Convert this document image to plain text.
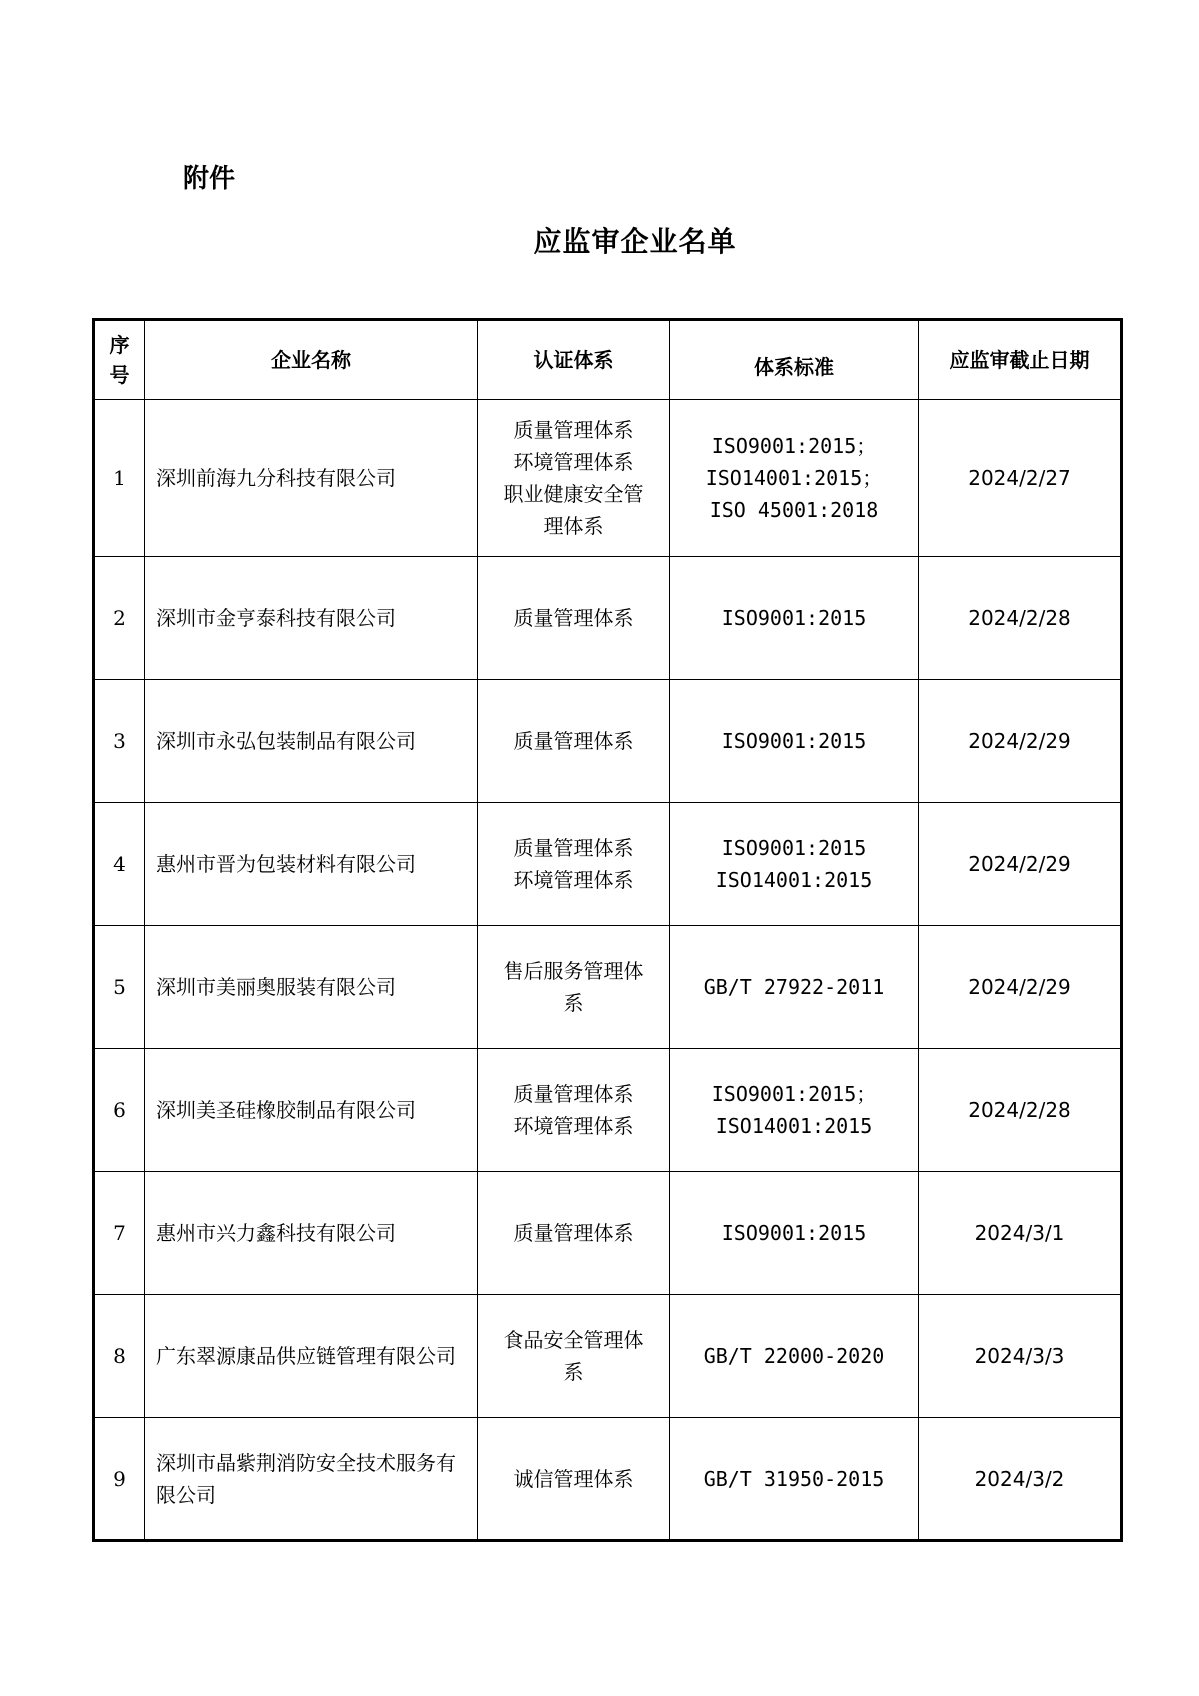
附件
应监审企业名单
序号	企业名称	认证体系	体系标准	应监审截止日期
1	深圳前海九分科技有限公司	质量管理体系
环境管理体系
职业健康安全管
理体系	ISO9001:2015；
ISO14001:2015；
ISO 45001:2018	2024/2/27
2	深圳市金亨泰科技有限公司	质量管理体系	ISO9001:2015	2024/2/28
3	深圳市永弘包装制品有限公司	质量管理体系	ISO9001:2015	2024/2/29
4	惠州市晋为包装材料有限公司	质量管理体系
环境管理体系	ISO9001:2015
ISO14001:2015	2024/2/29
5	深圳市美丽奥服装有限公司	售后服务管理体
系	GB/T 27922-2011	2024/2/29
6	深圳美圣硅橡胶制品有限公司	质量管理体系
环境管理体系	ISO9001:2015；
ISO14001:2015	2024/2/28
7	惠州市兴力鑫科技有限公司	质量管理体系	ISO9001:2015	2024/3/1
8	广东翠源康品供应链管理有限公司	食品安全管理体
系	GB/T 22000-2020	2024/3/3
9	深圳市晶紫荆消防安全技术服务有限公司	诚信管理体系	GB/T 31950-2015	2024/3/2
